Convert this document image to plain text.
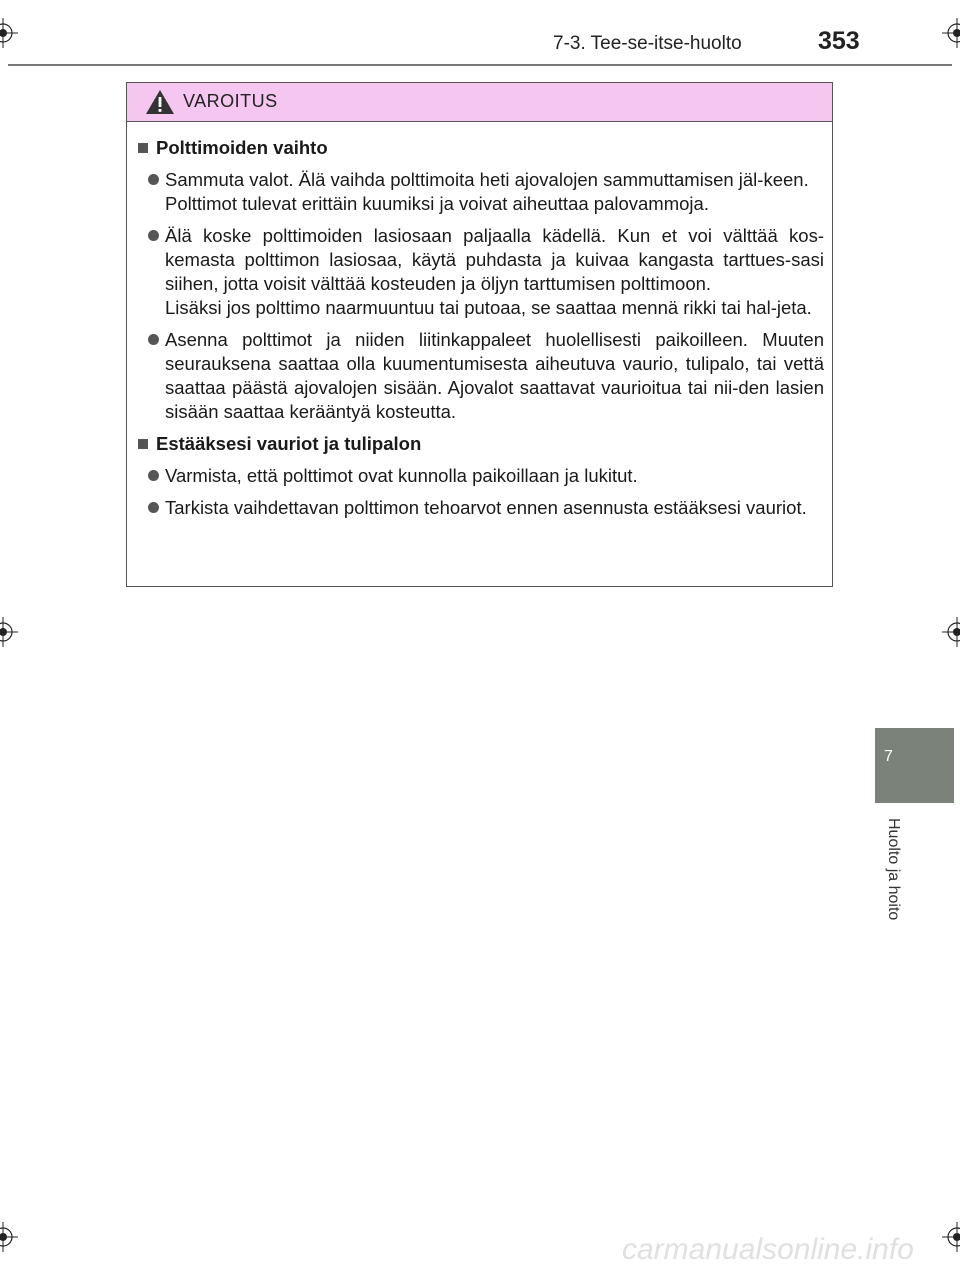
7-3. Tee-se-itse-huolto	353
VAROITUS
Polttimoiden vaihto
Sammuta valot. Älä vaihda polttimoita heti ajovalojen sammuttamisen jäl-keen.
Polttimot tulevat erittäin kuumiksi ja voivat aiheuttaa palovammoja.
Älä koske polttimoiden lasiosaan paljaalla kädellä. Kun et voi välttää kos-kemasta polttimon lasiosaa, käytä puhdasta ja kuivaa kangasta tarttues-sasi siihen, jotta voisit välttää kosteuden ja öljyn tarttumisen polttimoon.
Lisäksi jos polttimo naarmuuntuu tai putoaa, se saattaa mennä rikki tai hal-jeta.
Asenna polttimot ja niiden liitinkappaleet huolellisesti paikoilleen. Muuten seurauksena saattaa olla kuumentumisesta aiheutuva vaurio, tulipalo, tai vettä saattaa päästä ajovalojen sisään. Ajovalot saattavat vaurioitua tai nii-den lasien sisään saattaa kerääntyä kosteutta.
Estääksesi vauriot ja tulipalon
Varmista, että polttimot ovat kunnolla paikoillaan ja lukitut.
Tarkista vaihdettavan polttimon tehoarvot ennen asennusta estääksesi vauriot.
7
Huolto ja hoito
carmanualsonline.info
